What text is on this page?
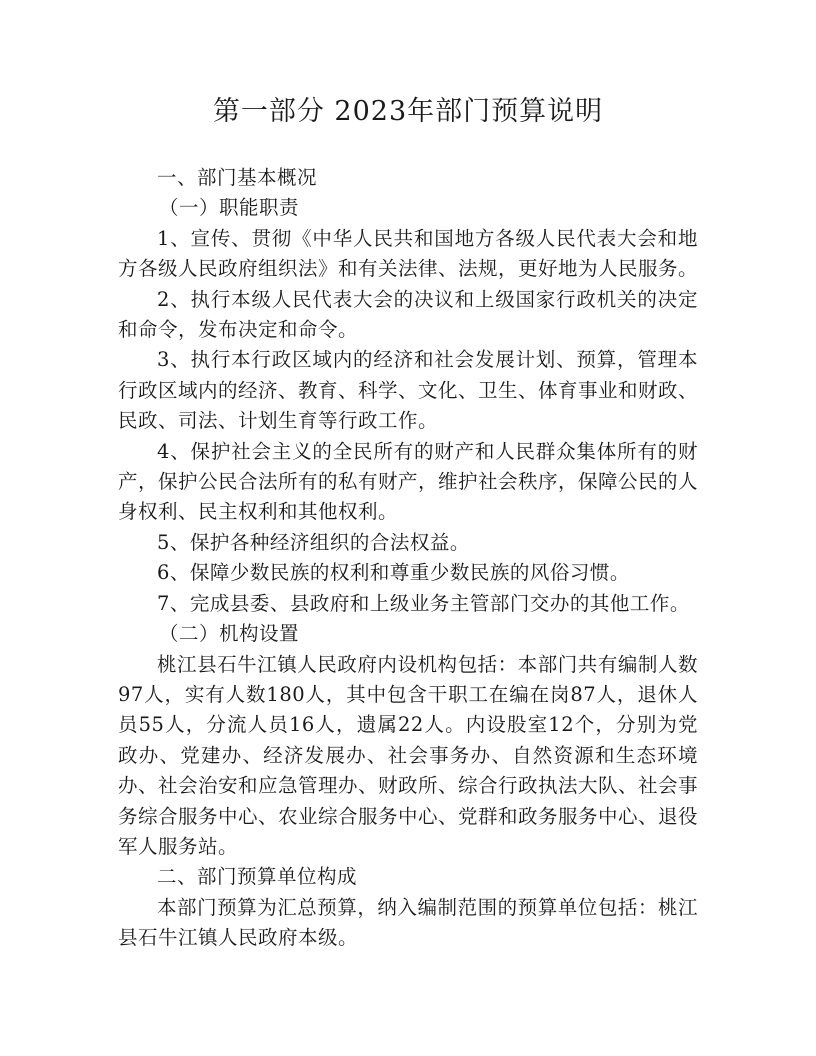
第一部分 2023年部门预算说明

一、部门基本概况

（一）职能职责

1、宣传、贯彻《中华人民共和国地方各级人民代表大会和地方各级人民政府组织法》和有关法律、法规，更好地为人民服务。

2、执行本级人民代表大会的决议和上级国家行政机关的决定和命令，发布决定和命令。

3、执行本行政区域内的经济和社会发展计划、预算，管理本行政区域内的经济、教育、科学、文化、卫生、体育事业和财政、民政、司法、计划生育等行政工作。

4、保护社会主义的全民所有的财产和人民群众集体所有的财产，保护公民合法所有的私有财产，维护社会秩序，保障公民的人身权利、民主权利和其他权利。

5、保护各种经济组织的合法权益。

6、保障少数民族的权利和尊重少数民族的风俗习惯。

7、完成县委、县政府和上级业务主管部门交办的其他工作。

（二）机构设置

桃江县石牛江镇人民政府内设机构包括：本部门共有编制人数97人，实有人数180人，其中包含干职工在编在岗87人，退休人员55人，分流人员16人，遗属22人。内设股室12个，分别为党政办、党建办、经济发展办、社会事务办、自然资源和生态环境办、社会治安和应急管理办、财政所、综合行政执法大队、社会事务综合服务中心、农业综合服务中心、党群和政务服务中心、退役军人服务站。

二、部门预算单位构成

本部门预算为汇总预算，纳入编制范围的预算单位包括：桃江县石牛江镇人民政府本级。
